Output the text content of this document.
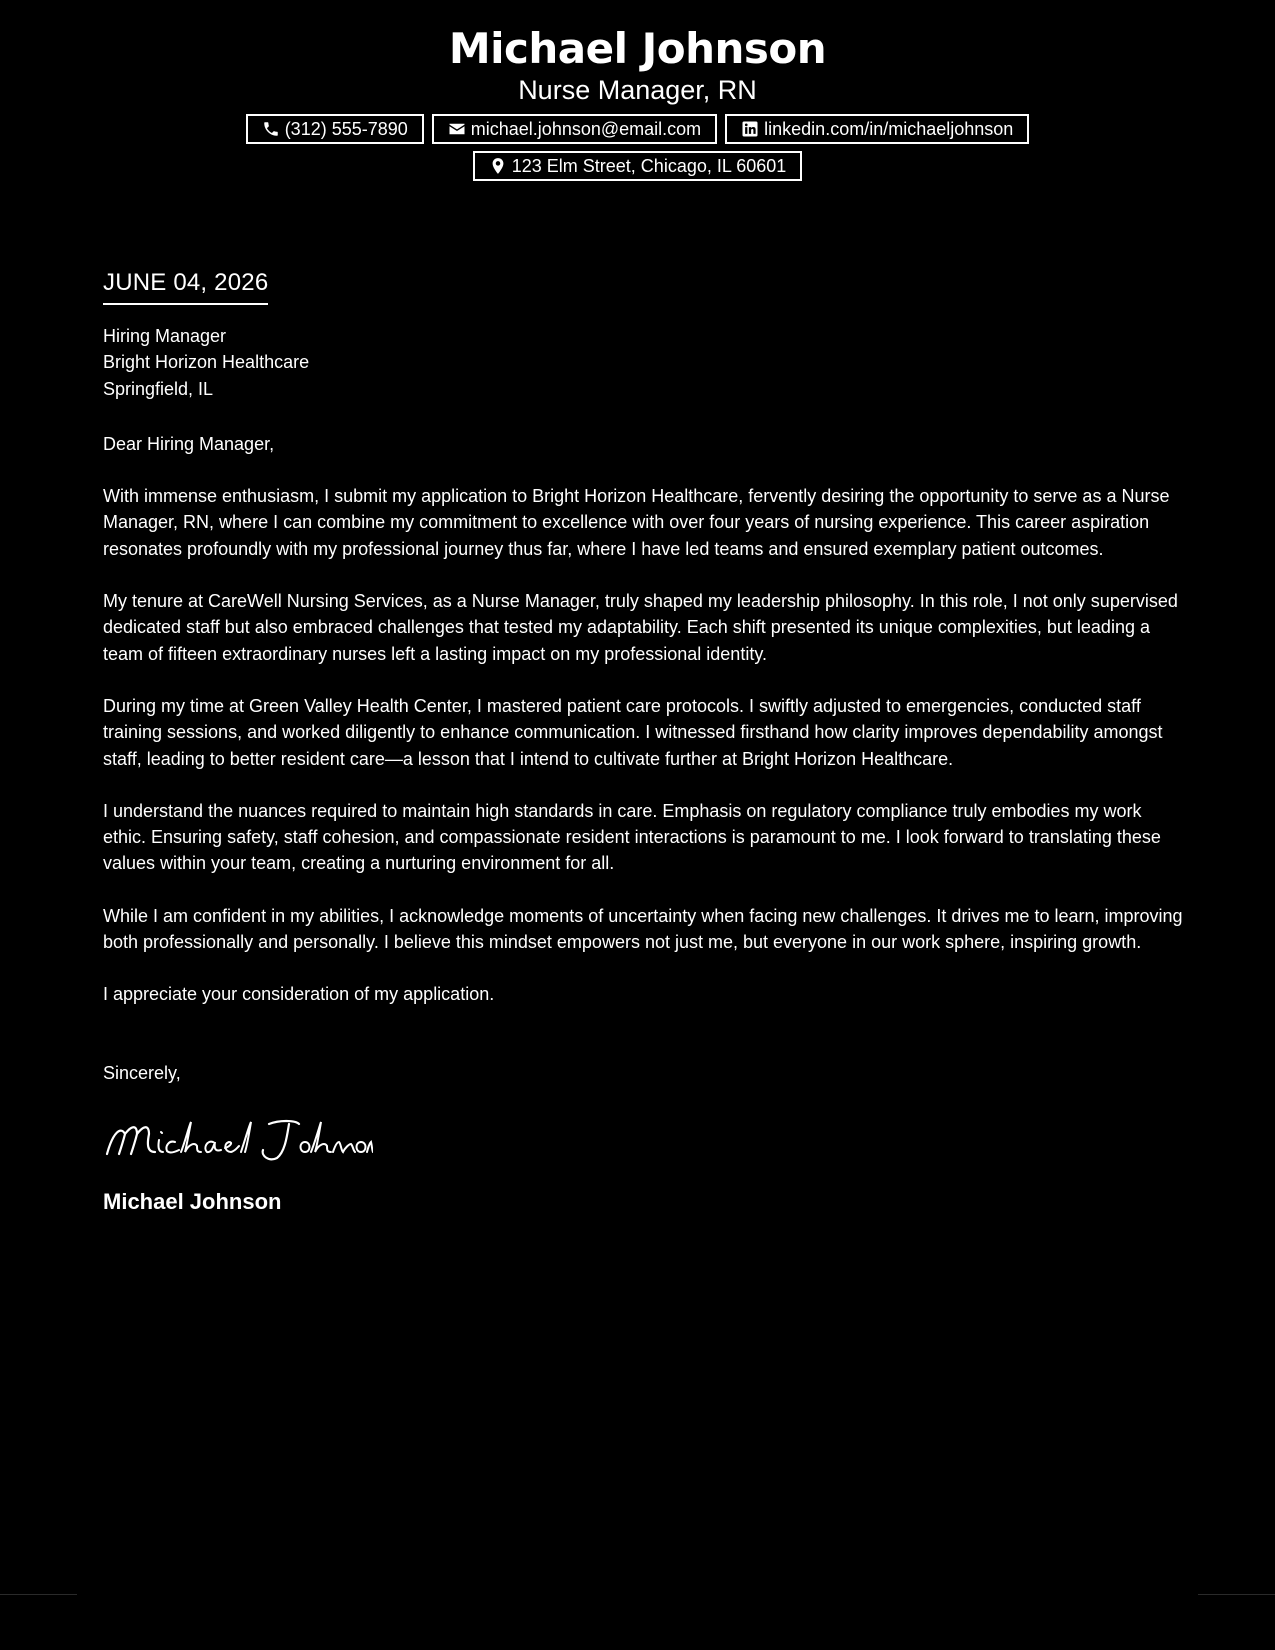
Michael Johnson
Nurse Manager, RN
(312) 555-7890	michael.johnson@email.com	linkedin.com/in/michaeljohnson
123 Elm Street, Chicago, IL 60601
JUNE 04, 2026
Hiring Manager
Bright Horizon Healthcare
Springfield, IL
Dear Hiring Manager,

With immense enthusiasm, I submit my application to Bright Horizon Healthcare, fervently desiring the opportunity to serve as a Nurse Manager, RN, where I can combine my commitment to excellence with over four years of nursing experience. This career aspiration resonates profoundly with my professional journey thus far, where I have led teams and ensured exemplary patient outcomes.

My tenure at CareWell Nursing Services, as a Nurse Manager, truly shaped my leadership philosophy. In this role, I not only supervised dedicated staff but also embraced challenges that tested my adaptability. Each shift presented its unique complexities, but leading a team of fifteen extraordinary nurses left a lasting impact on my professional identity.

During my time at Green Valley Health Center, I mastered patient care protocols. I swiftly adjusted to emergencies, conducted staff training sessions, and worked diligently to enhance communication. I witnessed firsthand how clarity improves dependability amongst staff, leading to better resident care—a lesson that I intend to cultivate further at Bright Horizon Healthcare.

I understand the nuances required to maintain high standards in care. Emphasis on regulatory compliance truly embodies my work ethic. Ensuring safety, staff cohesion, and compassionate resident interactions is paramount to me. I look forward to translating these values within your team, creating a nurturing environment for all.

While I am confident in my abilities, I acknowledge moments of uncertainty when facing new challenges. It drives me to learn, improving both professionally and personally. I believe this mindset empowers not just me, but everyone in our work sphere, inspiring growth.

I appreciate your consideration of my application.

Sincerely,
Michael Johnson
